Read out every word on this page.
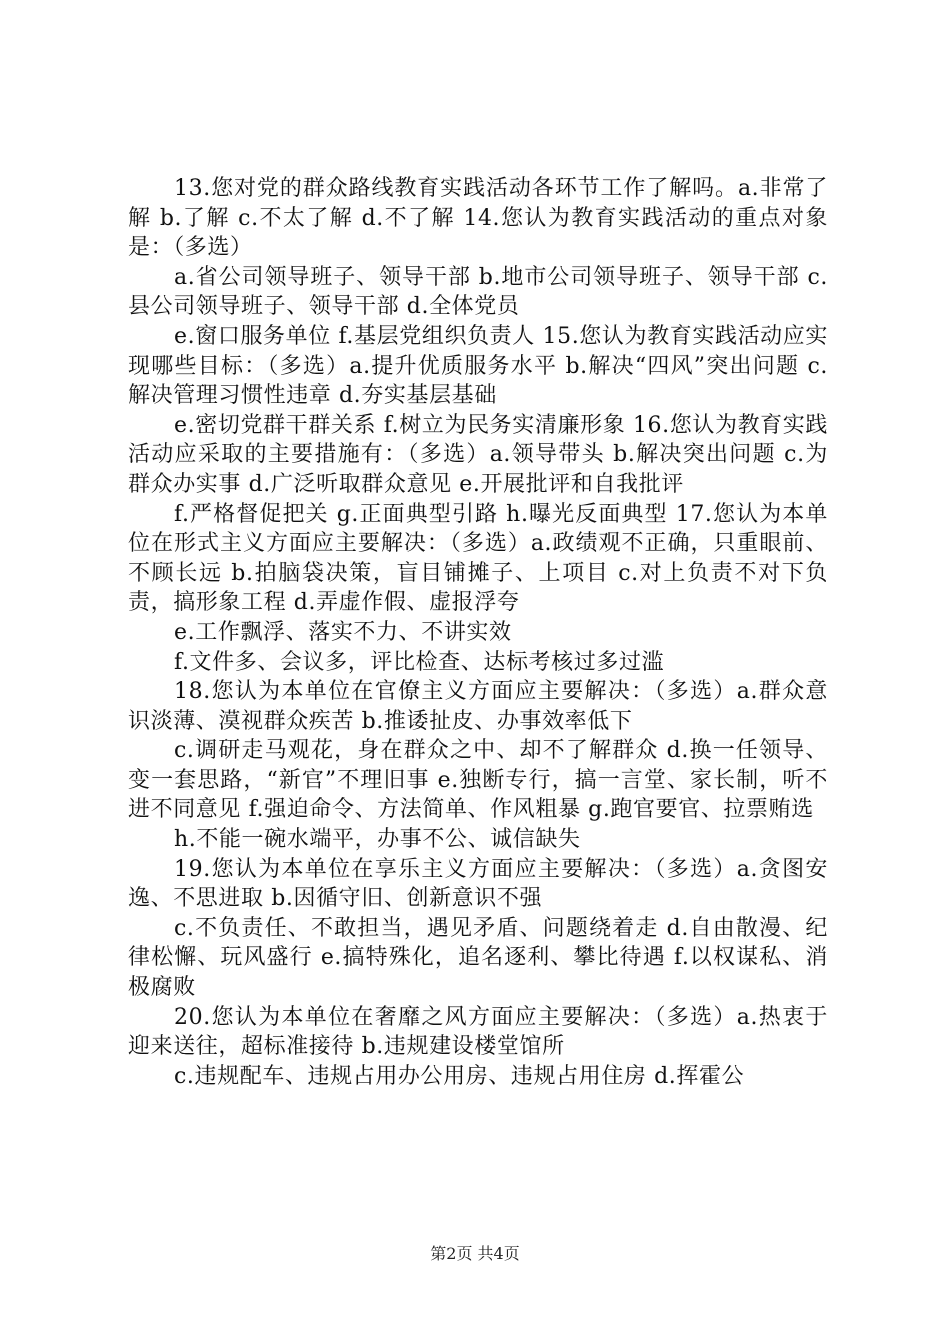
13.您对党的群众路线教育实践活动各环节工作了解吗。a.非常了解 b.了解 c.不太了解 d.不了解 14.您认为教育实践活动的重点对象是：（多选）

a.省公司领导班子、领导干部 b.地市公司领导班子、领导干部 c.县公司领导班子、领导干部 d.全体党员

e.窗口服务单位 f.基层党组织负责人 15.您认为教育实践活动应实现哪些目标：（多选）a.提升优质服务水平 b.解决“四风”突出问题 c.解决管理习惯性违章 d.夯实基层基础

e.密切党群干群关系 f.树立为民务实清廉形象 16.您认为教育实践活动应采取的主要措施有：（多选）a.领导带头 b.解决突出问题 c.为群众办实事 d.广泛听取群众意见 e.开展批评和自我批评

f.严格督促把关 g.正面典型引路 h.曝光反面典型 17.您认为本单位在形式主义方面应主要解决：（多选）a.政绩观不正确，只重眼前、不顾长远 b.拍脑袋决策，盲目铺摊子、上项目 c.对上负责不对下负责，搞形象工程 d.弄虚作假、虚报浮夸

e.工作飘浮、落实不力、不讲实效

f.文件多、会议多，评比检查、达标考核过多过滥

18.您认为本单位在官僚主义方面应主要解决：（多选）a.群众意识淡薄、漠视群众疾苦 b.推诿扯皮、办事效率低下

c.调研走马观花，身在群众之中、却不了解群众 d.换一任领导、变一套思路，“新官”不理旧事 e.独断专行，搞一言堂、家长制，听不进不同意见 f.强迫命令、方法简单、作风粗暴 g.跑官要官、拉票贿选

h.不能一碗水端平，办事不公、诚信缺失

19.您认为本单位在享乐主义方面应主要解决：（多选）a.贪图安逸、不思进取 b.因循守旧、创新意识不强

c.不负责任、不敢担当，遇见矛盾、问题绕着走 d.自由散漫、纪律松懈、玩风盛行 e.搞特殊化，追名逐利、攀比待遇 f.以权谋私、消极腐败

20.您认为本单位在奢靡之风方面应主要解决：（多选）a.热衷于迎来送往，超标准接待 b.违规建设楼堂馆所

c.违规配车、违规占用办公用房、违规占用住房 d.挥霍公

第2页 共4页
